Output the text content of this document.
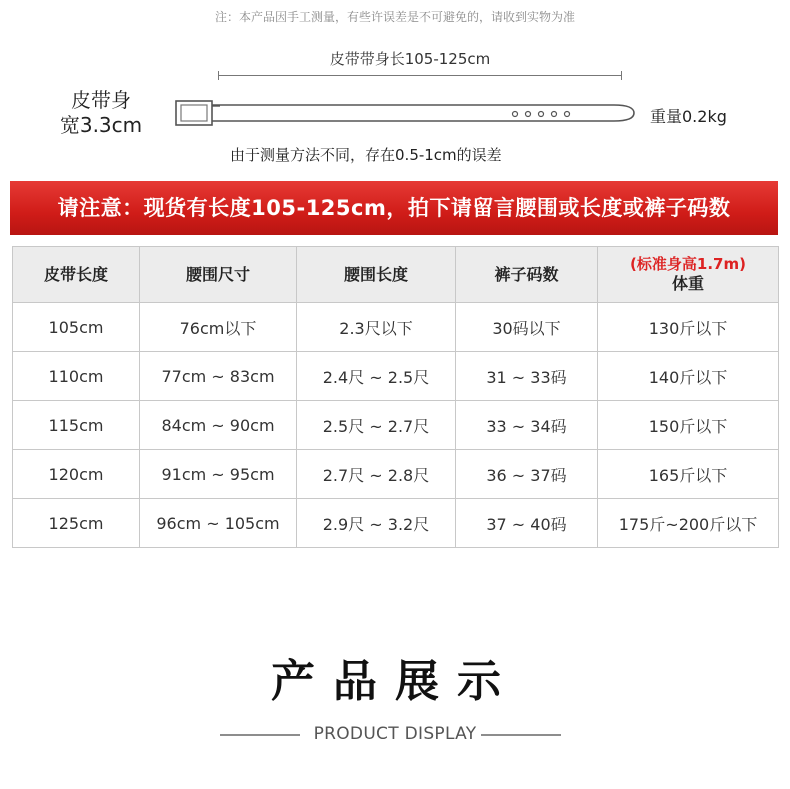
注：本产品因手工测量，有些许误差是不可避免的，请收到实物为准
皮带带身长105-125cm
皮带身
宽3.3cm	重量0.2kg
由于测量方法不同，存在0.5-1cm的误差
请注意：现货有长度105-125cm，拍下请留言腰围或长度或裤子码数
皮带长度	腰围尺寸	腰围长度	裤子码数	(标准身高1.7m)
体重

105cm	76cm以下	2.3尺以下	30码以下	130斤以下
110cm	77cm ~ 83cm	2.4尺 ~ 2.5尺	31 ~ 33码	140斤以下
115cm	84cm ~ 90cm	2.5尺 ~ 2.7尺	33 ~ 34码	150斤以下
120cm	91cm ~ 95cm	2.7尺 ~ 2.8尺	36 ~ 37码	165斤以下
125cm	96cm ~ 105cm	2.9尺 ~ 3.2尺	37 ~ 40码	175斤~200斤以下
产品展示
PRODUCT DISPLAY
